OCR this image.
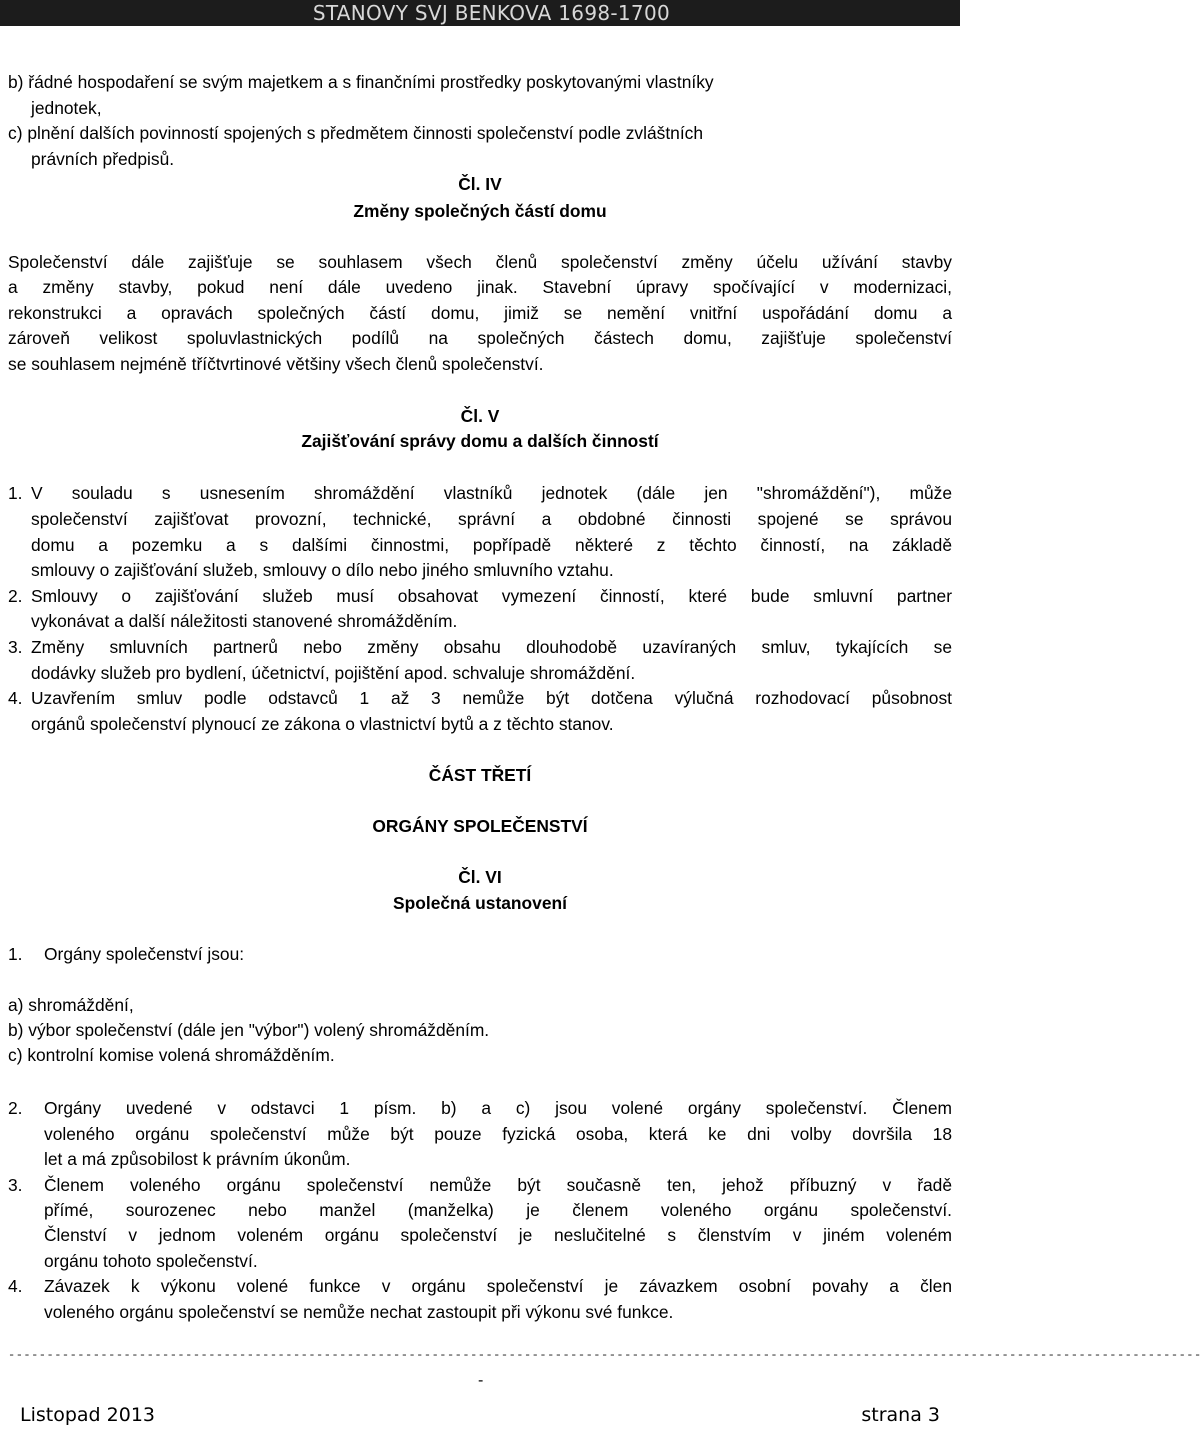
STANOVY SVJ BENKOVA 1698-1700
b) řádné hospodaření se svým majetkem a s finančními prostředky poskytovanými vlastníky
jednotek,
c) plnění dalších povinností spojených s předmětem činnosti společenství podle zvláštních
právních předpisů.
Čl. IV
Změny společných částí domu
Společenství dále zajišťuje se souhlasem všech členů společenství změny účelu užívání stavby
a změny stavby, pokud není dále uvedeno jinak. Stavební úpravy spočívající v modernizaci,
rekonstrukci a opravách společných částí domu, jimiž se nemění vnitřní uspořádání domu a
zároveň velikost spoluvlastnických podílů na společných částech domu, zajišťuje společenství
se souhlasem nejméně tříčtvrtinové většiny všech členů společenství.
Čl. V
Zajišťování správy domu a dalších činností
1. V souladu s usnesením shromáždění vlastníků jednotek (dále jen "shromáždění"), může
společenství zajišťovat provozní, technické, správní a obdobné činnosti spojené se správou
domu a pozemku a s dalšími činnostmi, popřípadě některé z těchto činností, na základě
smlouvy o zajišťování služeb, smlouvy o dílo nebo jiného smluvního vztahu.
2. Smlouvy o zajišťování služeb musí obsahovat vymezení činností, které bude smluvní partner
vykonávat a další náležitosti stanovené shromážděním.
3. Změny smluvních partnerů nebo změny obsahu dlouhodobě uzavíraných smluv, tykajících se
dodávky služeb pro bydlení, účetnictví, pojištění apod. schvaluje shromáždění.
4. Uzavřením smluv podle odstavců 1 až 3 nemůže být dotčena výlučná rozhodovací působnost
orgánů společenství plynoucí ze zákona o vlastnictví bytů a z těchto stanov.
ČÁST TŘETÍ
ORGÁNY SPOLEČENSTVÍ
Čl. VI
Společná ustanovení
1. Orgány společenství jsou:
a) shromáždění,
b) výbor společenství (dále jen "výbor") volený shromážděním.
c) kontrolní komise volená shromážděním.
2. Orgány uvedené v odstavci 1 písm. b) a c) jsou volené orgány společenství. Členem
voleného orgánu společenství může být pouze fyzická osoba, která ke dni volby dovršila 18
let a má způsobilost k právním úkonům.
3. Členem voleného orgánu společenství nemůže být současně ten, jehož příbuzný v řadě
přímé, sourozenec nebo manžel (manželka) je členem voleného orgánu společenství.
Členství v jednom voleném orgánu společenství je neslučitelné s členstvím v jiném voleném
orgánu tohoto společenství.
4. Závazek k výkonu volené funkce v orgánu společenství je závazkem osobní povahy a člen
voleného orgánu společenství se nemůže nechat zastoupit při výkonu své funkce.
-----------------------------------------------------------------------------------------------------------------------------------------------------------
-
Listopad 2013	strana 3
